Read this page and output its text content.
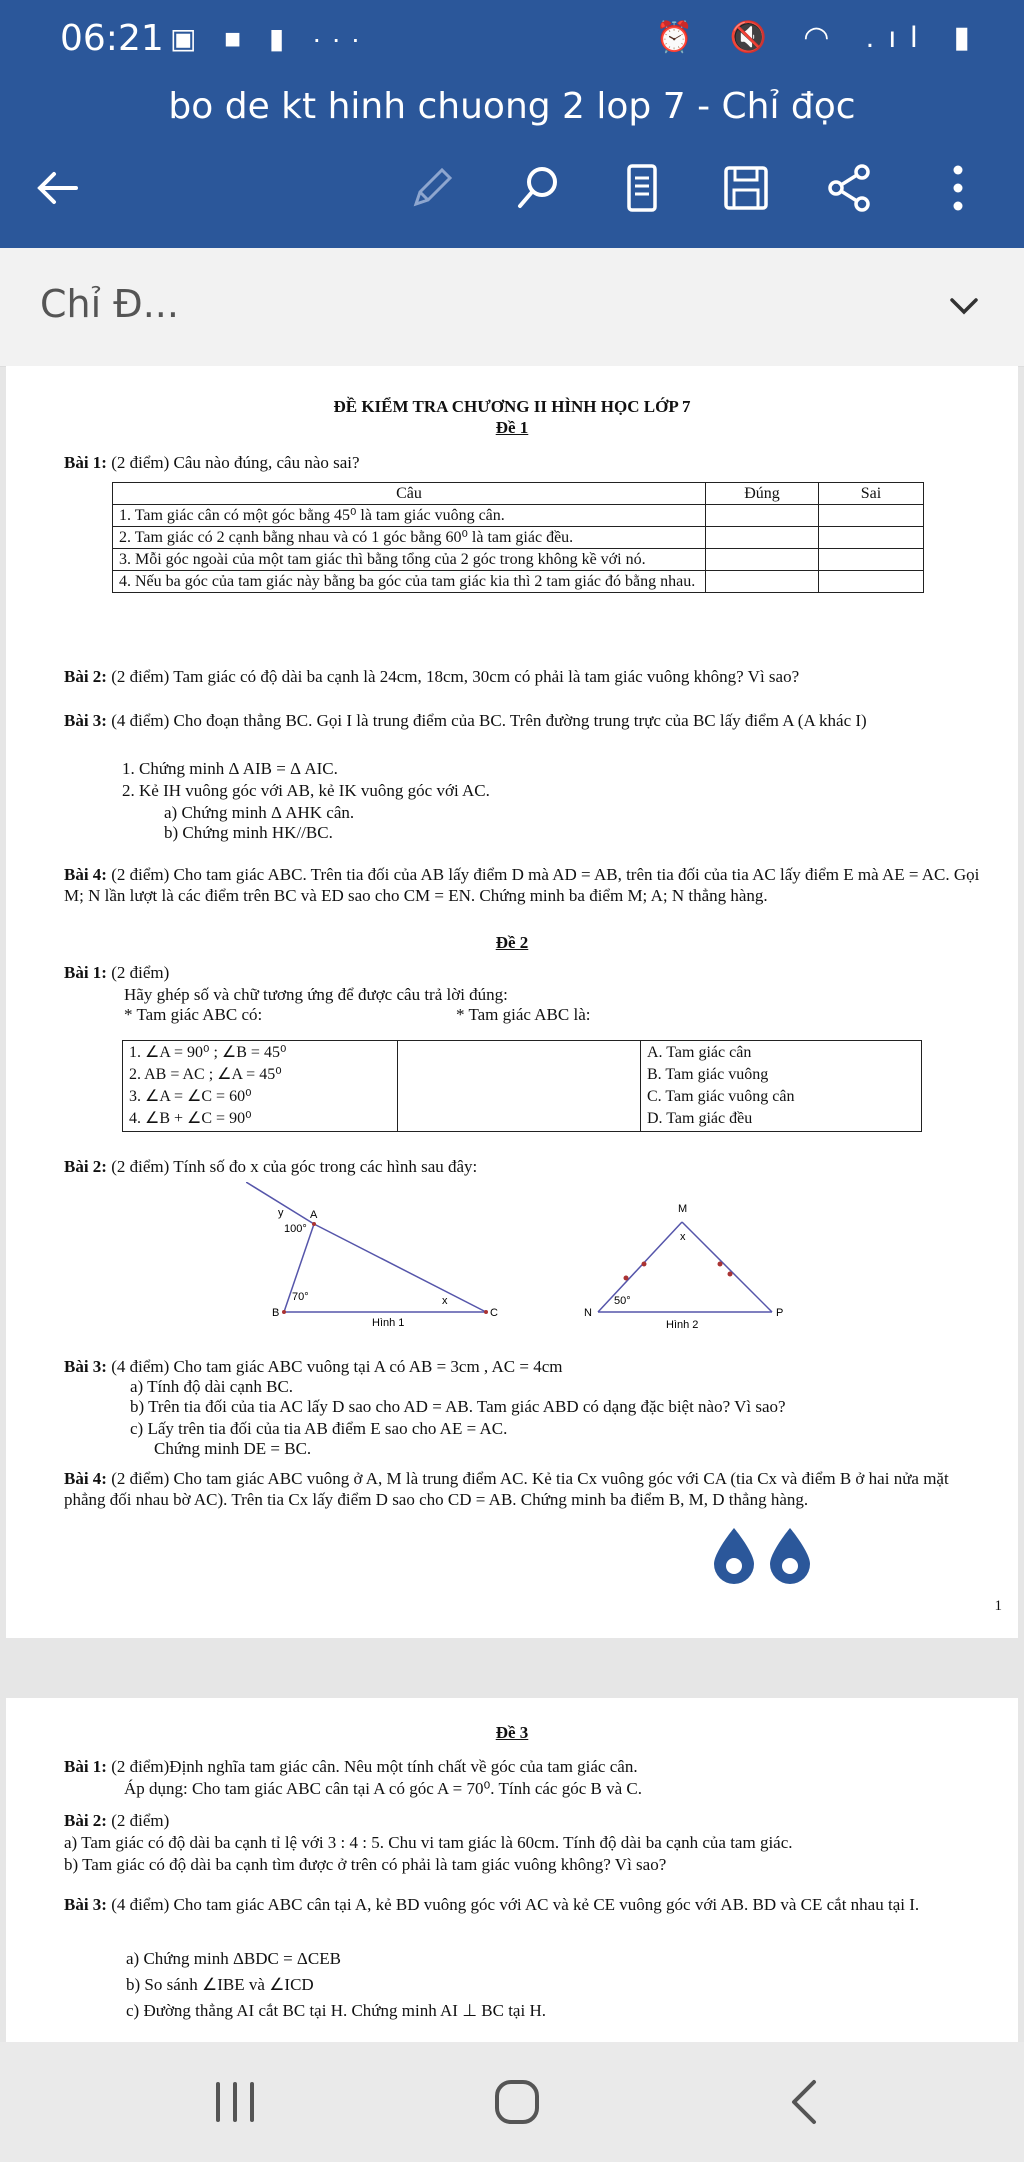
06:21 ▣ ■ ▮ ···	⏰ 🔇 ◠ .ıl ▮
bo de kt hinh chuong 2 lop 7 - Chỉ đọc
Chỉ Đ...
ĐỀ KIỂM TRA CHƯƠNG II HÌNH HỌC LỚP 7
Đề 1
Bài 1: (2 điểm) Câu nào đúng, câu nào sai?
Câu	Đúng	Sai
1. Tam giác cân có một góc bằng 45⁰ là tam giác vuông cân.		
2. Tam giác có 2 cạnh bằng nhau và có 1 góc bằng 60⁰ là tam giác đều.		
3. Mỗi góc ngoài của một tam giác thì bằng tổng của 2 góc trong không kề với nó.		
4. Nếu ba góc của tam giác này bằng ba góc của tam giác kia thì 2 tam giác đó bằng nhau.		
Bài 2: (2 điểm) Tam giác có độ dài ba cạnh là 24cm, 18cm, 30cm có phải là tam giác vuông không? Vì sao?
Bài 3: (4 điểm) Cho đoạn thẳng BC. Gọi I là trung điểm của BC. Trên đường trung trực của BC lấy điểm A (A khác I)
1. Chứng minh Δ AIB = Δ AIC.
2. Kẻ IH vuông góc với AB, kẻ IK vuông góc với AC.
a) Chứng minh Δ AHK cân.
b) Chứng minh HK//BC.
Bài 4: (2 điểm) Cho tam giác ABC. Trên tia đối của AB lấy điểm D mà AD = AB, trên tia đối của tia AC lấy điểm E mà AE = AC. Gọi M; N lần lượt là các điểm trên BC và ED sao cho CM = EN. Chứng minh ba điểm M; A; N thẳng hàng.
Đề 2
Bài 1: (2 điểm)
Hãy ghép số và chữ tương ứng để được câu trả lời đúng:
* Tam giác ABC có:	* Tam giác ABC là:
1. ∠A = 90⁰ ; ∠B = 45⁰
2. AB = AC ; ∠A = 45⁰
3. ∠A = ∠C = 60⁰
4. ∠B + ∠C = 90⁰

A. Tam giác cân
B. Tam giác vuông
C. Tam giác vuông cân
D. Tam giác đều
Bài 2: (2 điểm) Tính số đo x của góc trong các hình sau đây:
y A
B	C
100°
70°	x
Hình 1
M
N	P
50°
x
Hình 2
Bài 3: (4 điểm) Cho tam giác ABC vuông tại A có AB = 3cm , AC = 4cm
a) Tính độ dài cạnh BC.
b) Trên tia đối của tia AC lấy D sao cho AD = AB. Tam giác ABD có dạng đặc biệt nào? Vì sao?
c) Lấy trên tia đối của tia AB điểm E sao cho AE = AC.
Chứng minh DE = BC.
Bài 4: (2 điểm) Cho tam giác ABC vuông ở A, M là trung điểm AC. Kẻ tia Cx vuông góc với CA (tia Cx và điểm B ở hai nửa mặt phẳng đối nhau bờ AC). Trên tia Cx lấy điểm D sao cho CD = AB. Chứng minh ba điểm B, M, D thẳng hàng.
1
Đề 3
Bài 1: (2 điểm)Định nghĩa tam giác cân. Nêu một tính chất về góc của tam giác cân.
Áp dụng: Cho tam giác ABC cân tại A có góc A = 70⁰. Tính các góc B và C.
Bài 2: (2 điểm)
a) Tam giác có độ dài ba cạnh tỉ lệ với 3 : 4 : 5. Chu vi tam giác là 60cm. Tính độ dài ba cạnh của tam giác.
b) Tam giác có độ dài ba cạnh tìm được ở trên có phải là tam giác vuông không? Vì sao?
Bài 3: (4 điểm) Cho tam giác ABC cân tại A, kẻ BD vuông góc với AC và kẻ CE vuông góc với AB. BD và CE cắt nhau tại I.
a) Chứng minh ΔBDC = ΔCEB
b) So sánh ∠IBE và ∠ICD
c) Đường thẳng AI cắt BC tại H. Chứng minh AI ⊥ BC tại H.
